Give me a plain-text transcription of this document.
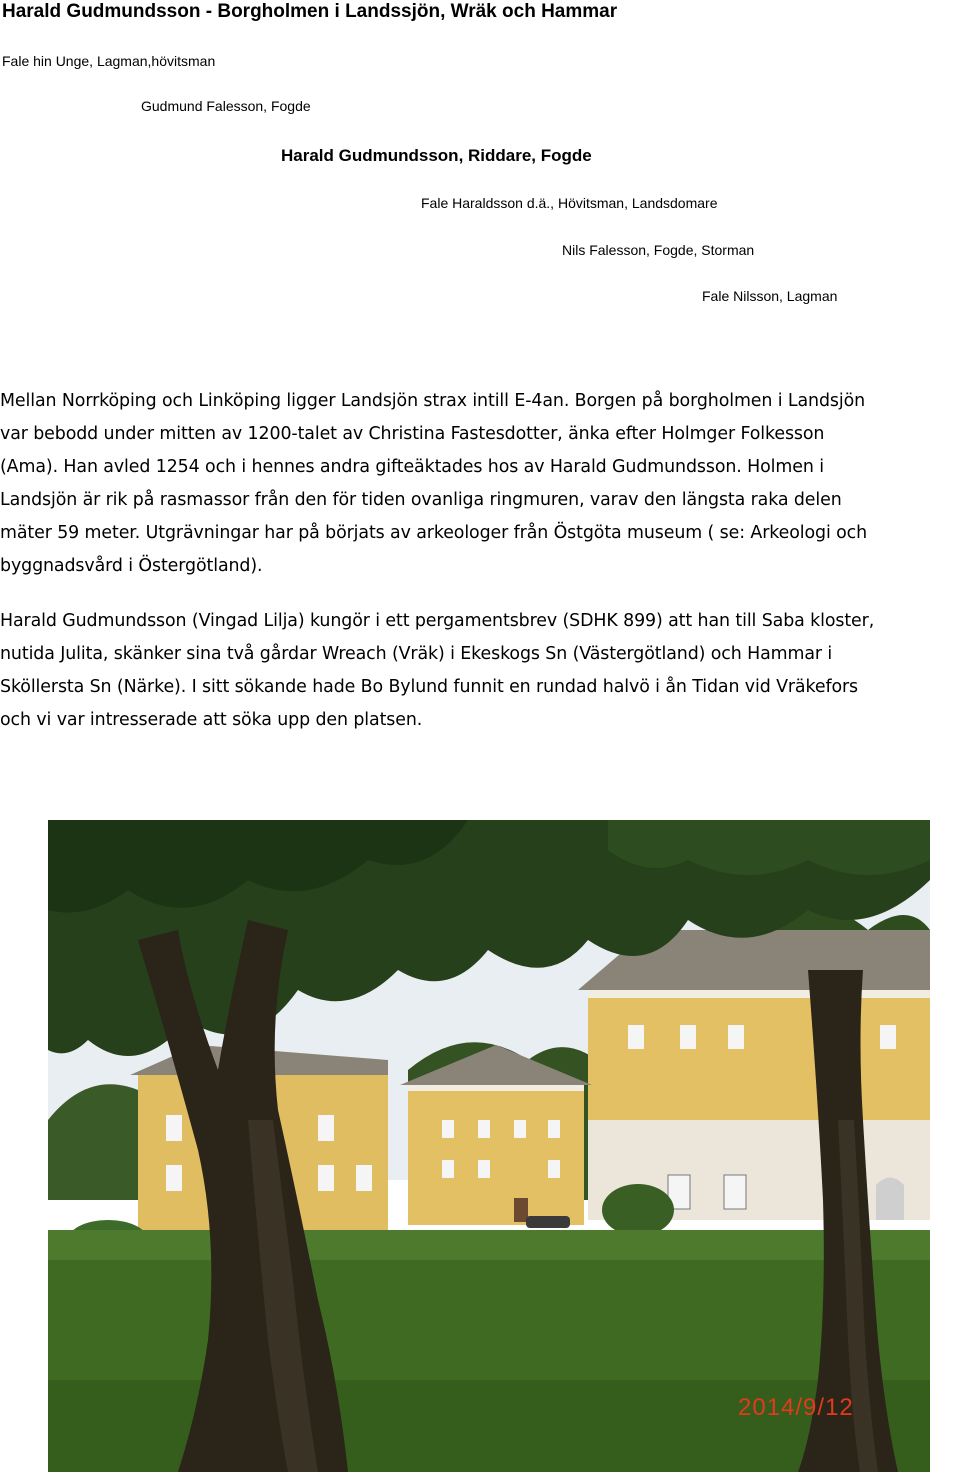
Harald Gudmundsson - Borgholmen i Landssjön, Wräk och Hammar
Fale hin Unge, Lagman,hövitsman
Gudmund Falesson, Fogde
Harald Gudmundsson, Riddare, Fogde
Fale Haraldsson d.ä., Hövitsman, Landsdomare
Nils Falesson, Fogde, Storman
Fale Nilsson, Lagman
Mellan Norrköping och Linköping ligger Landsjön strax intill E-4an. Borgen på borgholmen i Landsjön
var bebodd under mitten av 1200-talet av Christina Fastesdotter, änka efter Holmger Folkesson
(Ama). Han avled 1254 och i hennes andra gifteäktades hos av Harald Gudmundsson. Holmen i
Landsjön är rik på rasmassor från den för tiden ovanliga ringmuren, varav den längsta raka delen
mäter 59 meter. Utgrävningar har på börjats av arkeologer från Östgöta museum ( se: Arkeologi och
byggnadsvård i Östergötland).
Harald Gudmundsson (Vingad Lilja) kungör i ett pergamentsbrev (SDHK 899) att han till Saba kloster,
nutida Julita, skänker sina två gårdar Wreach (Vräk) i Ekeskogs Sn (Västergötland) och Hammar i
Sköllersta Sn (Närke). I sitt sökande hade Bo Bylund funnit en rundad halvö i ån Tidan vid Vräkefors
och vi var intresserade att söka upp den platsen.
2014/9/12
